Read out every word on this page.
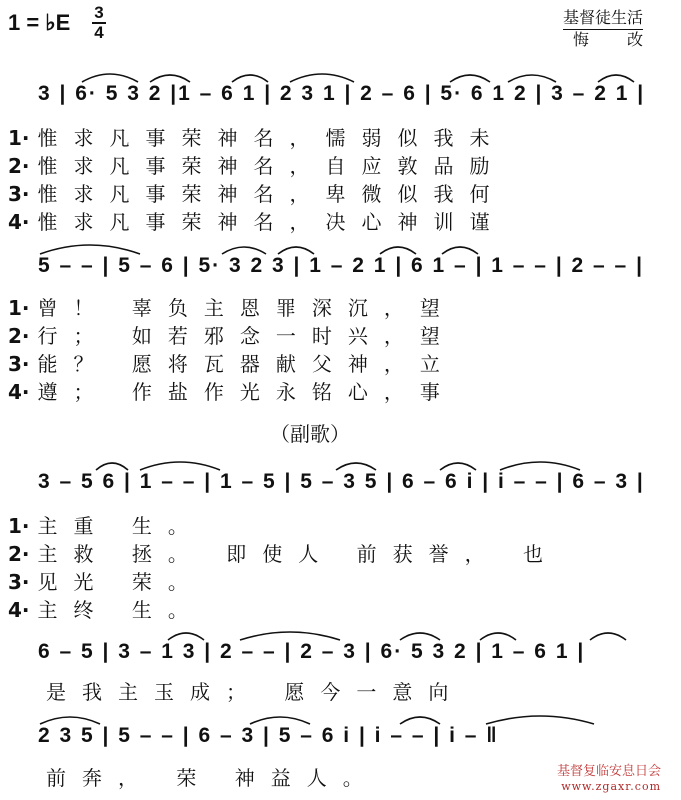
1 = ♭E 3
4
基督徒生活
悔改
3 | 6· 5 3 2 |1 – 6 1 | 2 3 1 | 2 – 6 | 5· 6 1 2 | 3 – 2 1 |
1· 惟求凡事荣神名，懦弱似我未
2· 惟求凡事荣神名，自应敦品励
3· 惟求凡事荣神名，卑微似我何
4· 惟求凡事荣神名，决心神训谨
5 – – | 5 – 6 | 5· 3 2 3 | 1 – 2 1 | 6 1 – | 1 – – | 2 – – |
1· 曾！ 辜负主恩罪深沉，望
2· 行； 如若邪念一时兴，望
3· 能？ 愿将瓦器献父神，立
4· 遵； 作盐作光永铭心，事
（副歌）
3 – 5 6 | 1 – – | 1 – 5 | 5 – 3 5 | 6 – 6 i | i – – | 6 – 3 |
1· 主重 生。
2· 主救 拯。 即使人 前获誉， 也
3· 见光 荣。
4· 主终 生。
6 – 5 | 3 – 1 3 | 2 – – | 2 – 3 | 6· 5 3 2 | 1 – 6 1 |
是我主玉成； 愿今一意向
2 3 5 | 5 – – | 6 – 3 | 5 – 6 i | i – – | i – ‖
前奔， 荣 神益人。	基督复临安息日会
www.zgaxr.com
